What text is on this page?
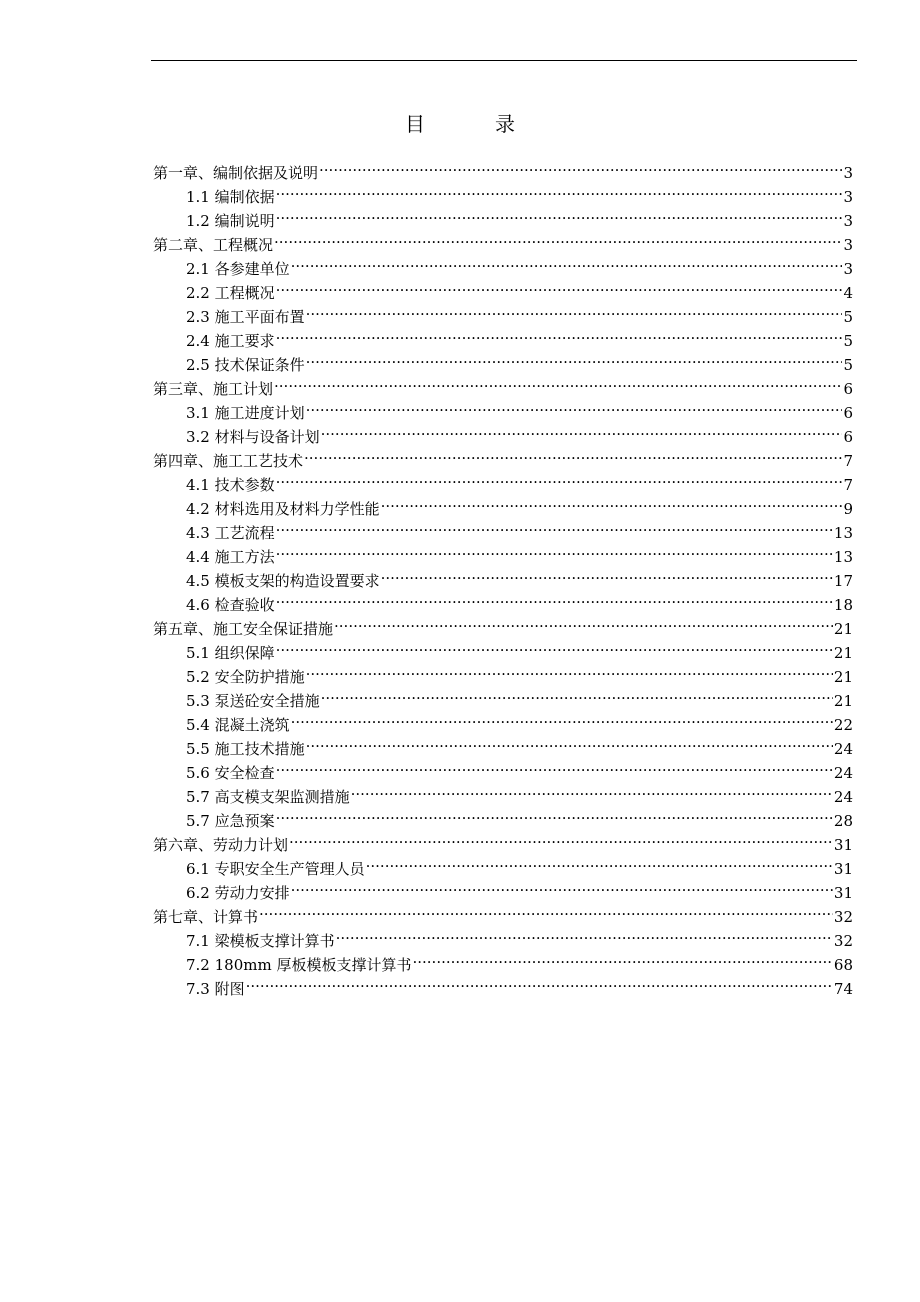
目	录
第一章、编制依据及说明 .....	3
1.1 编制依据 .....	3
1.2 编制说明 .....	3
第二章、工程概况 .....	3
2.1 各参建单位 .....	3
2.2 工程概况 .....	4
2.3 施工平面布置 .....	5
2.4 施工要求 .....	5
2.5 技术保证条件 .....	5
第三章、施工计划 .....	6
3.1 施工进度计划 .....	6
3.2 材料与设备计划 .....	6
第四章、施工工艺技术 .....	7
4.1 技术参数 .....	7
4.2 材料选用及材料力学性能 .....	9
4.3 工艺流程 .....	13
4.4 施工方法 .....	13
4.5 模板支架的构造设置要求 .....	17
4.6 检查验收 .....	18
第五章、施工安全保证措施 .....	21
5.1 组织保障 .....	21
5.2 安全防护措施 .....	21
5.3 泵送砼安全措施 .....	21
5.4 混凝土浇筑 .....	22
5.5 施工技术措施 .....	24
5.6 安全检查 .....	24
5.7 高支模支架监测措施 .....	24
5.7 应急预案 .....	28
第六章、劳动力计划 .....	31
6.1 专职安全生产管理人员 .....	31
6.2 劳动力安排 .....	31
第七章、计算书 .....	32
7.1 梁模板支撑计算书 .....	32
7.2 180mm 厚板模板支撑计算书 .....	68
7.3 附图 .....	74
